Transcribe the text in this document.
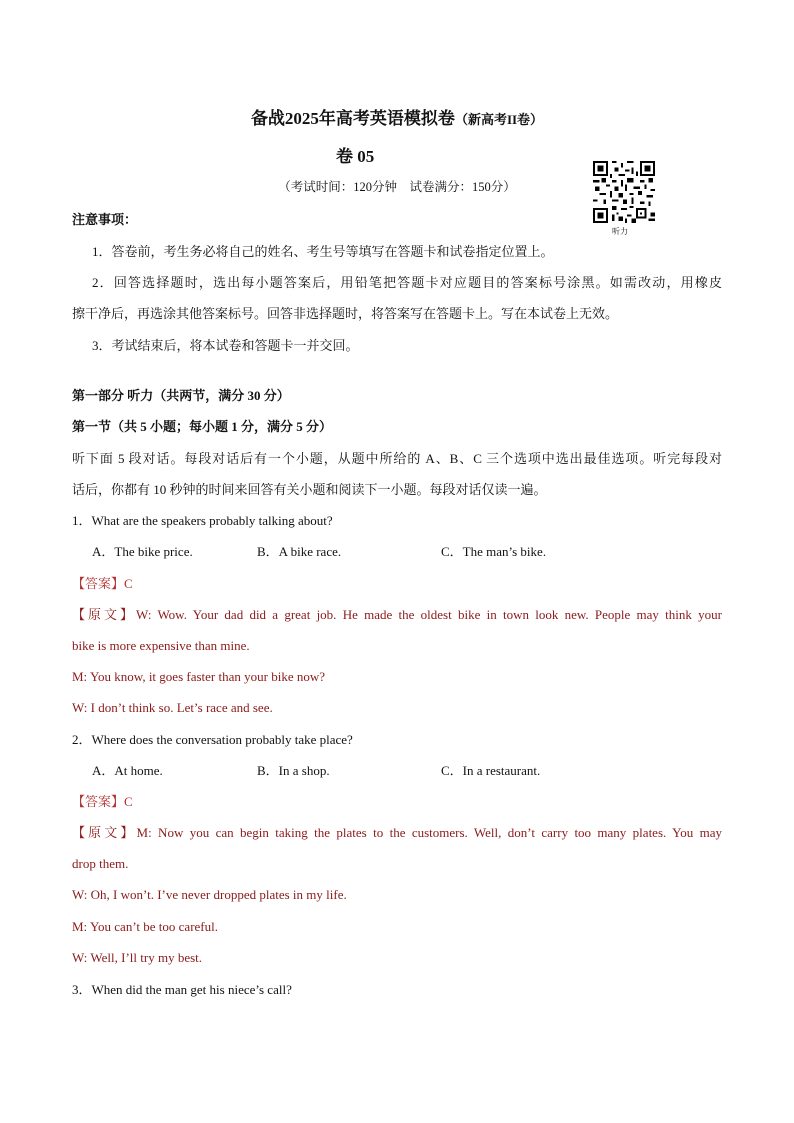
备战2025年高考英语模拟卷（新高考II卷）
卷 05
（考试时间：120分钟　试卷满分：150分）
听力
注意事项：
1．答卷前，考生务必将自己的姓名、考生号等填写在答题卡和试卷指定位置上。
2．回答选择题时，选出每小题答案后，用铅笔把答题卡对应题目的答案标号涂黑。如需改动，用橡皮
擦干净后，再选涂其他答案标号。回答非选择题时，将答案写在答题卡上。写在本试卷上无效。
3．考试结束后，将本试卷和答题卡一并交回。
第一部分 听力（共两节，满分 30 分）
第一节（共 5 小题；每小题 1 分，满分 5 分）
听下面 5 段对话。每段对话后有一个小题，从题中所给的 A、B、C 三个选项中选出最佳选项。听完每段对
话后，你都有 10 秒钟的时间来回答有关小题和阅读下一小题。每段对话仅读一遍。
1．What are the speakers probably talking about?
A．The bike price.	B．A bike race.	C．The man’s bike.
【答案】C
【原文】W: Wow. Your dad did a great job. He made the oldest bike in town look new. People may think your
bike is more expensive than mine.
M: You know, it goes faster than your bike now?
W: I don’t think so. Let’s race and see.
2．Where does the conversation probably take place?
A．At home.	B．In a shop.	C．In a restaurant.
【答案】C
【原文】M: Now you can begin taking the plates to the customers. Well, don’t carry too many plates. You may
drop them.
W: Oh, I won’t. I’ve never dropped plates in my life.
M: You can’t be too careful.
W: Well, I’ll try my best.
3．When did the man get his niece’s call?
